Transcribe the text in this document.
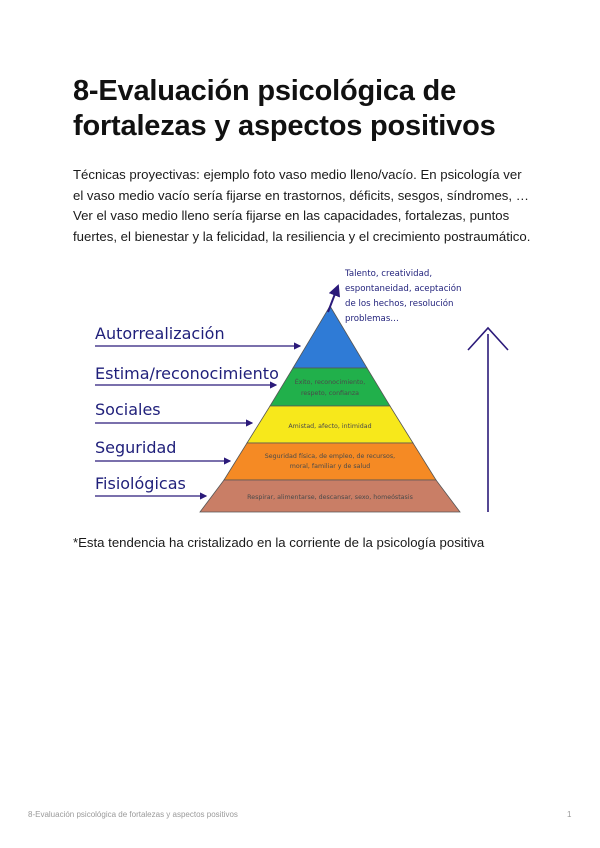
8-Evaluación psicológica de fortalezas y aspectos positivos
Técnicas proyectivas: ejemplo foto vaso medio lleno/vacío. En psicología ver el vaso medio vacío sería fijarse en trastornos, déficits, sesgos, síndromes, … Ver el vaso medio lleno sería fijarse en las capacidades, fortalezas, puntos fuertes, el bienestar y la felicidad, la resiliencia y el crecimiento postraumático.
Éxito, reconocimiento,
respeto, confianza
Amistad, afecto, intimidad
Seguridad física, de empleo, de recursos,
moral, familiar y de salud
Respirar, alimentarse, descansar, sexo, homeóstasis
Autorrealización
Estima/reconocimiento
Sociales
Seguridad
Fisiológicas
Talento, creatividad,
espontaneidad, aceptación
de los hechos, resolución
problemas…
*Esta tendencia ha cristalizado en la corriente de la psicología positiva
8-Evaluación psicológica de fortalezas y aspectos positivos	1
